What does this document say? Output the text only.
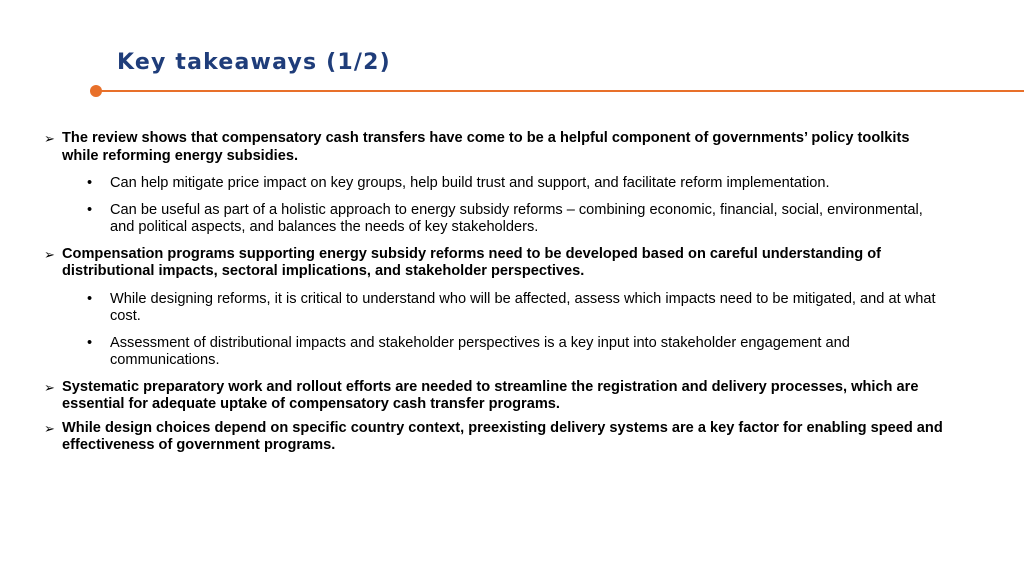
Key takeaways (1/2)
➢ The review shows that compensatory cash transfers have come to be a helpful component of governments’ policy toolkits while reforming energy subsidies.
• Can help mitigate price impact on key groups, help build trust and support, and facilitate reform implementation.
• Can be useful as part of a holistic approach to energy subsidy reforms – combining economic, financial, social, environmental, and political aspects, and balances the needs of key stakeholders.
➢ Compensation programs supporting energy subsidy reforms need to be developed based on careful understanding of distributional impacts, sectoral implications, and stakeholder perspectives.
• While designing reforms, it is critical to understand who will be affected, assess which impacts need to be mitigated, and at what cost.
• Assessment of distributional impacts and stakeholder perspectives is a key input into stakeholder engagement and communications.
➢ Systematic preparatory work and rollout efforts are needed to streamline the registration and delivery processes, which are essential for adequate uptake of compensatory cash transfer programs.
➢ While design choices depend on specific country context, preexisting delivery systems are a key factor for enabling speed and effectiveness of government programs.
